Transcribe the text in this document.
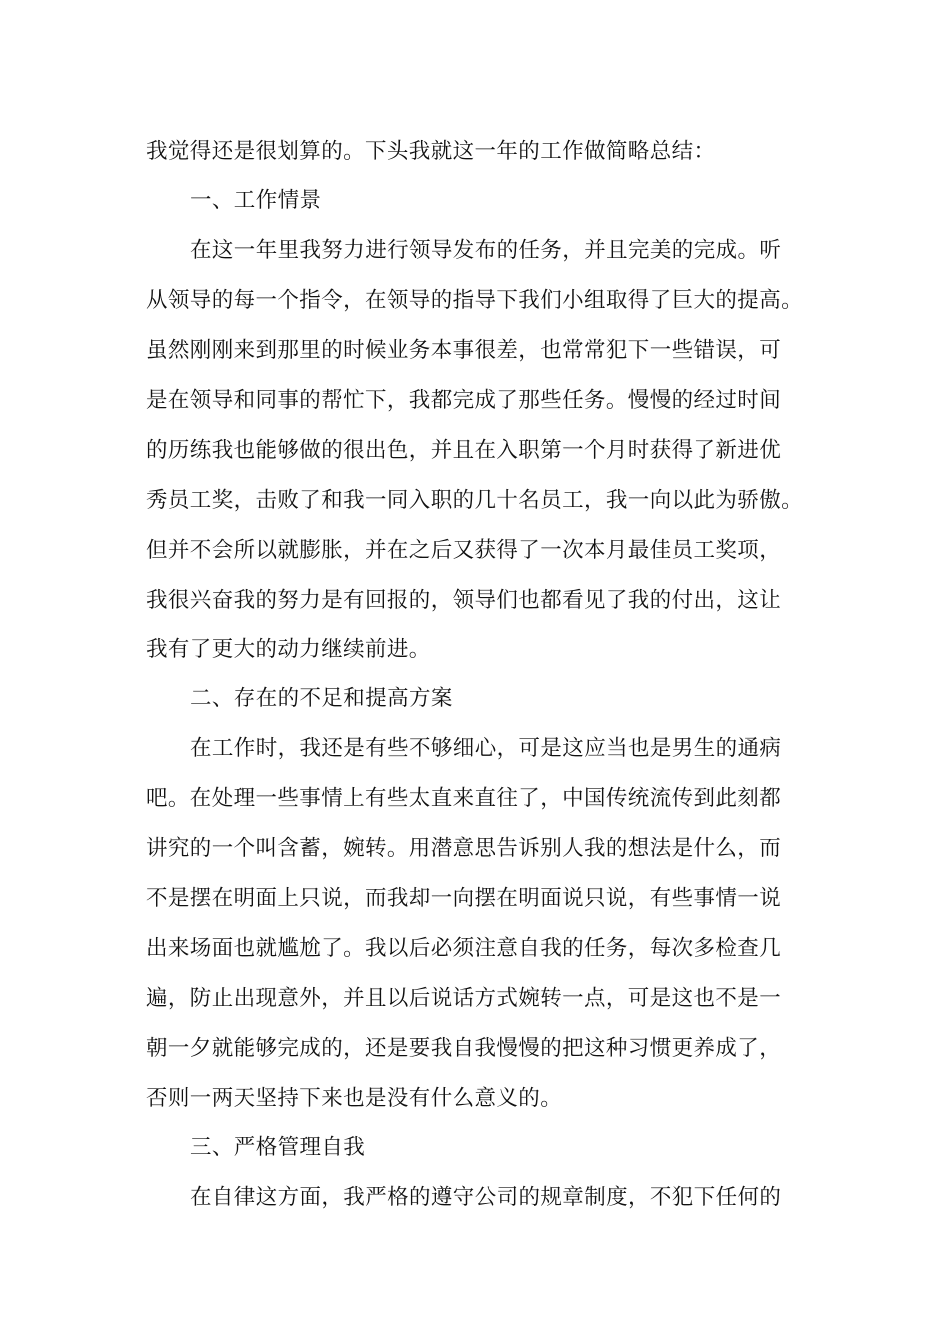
我觉得还是很划算的。下头我就这一年的工作做简略总结：
一、工作情景
在这一年里我努力进行领导发布的任务，并且完美的完成。听
从领导的每一个指令，在领导的指导下我们小组取得了巨大的提高。
虽然刚刚来到那里的时候业务本事很差，也常常犯下一些错误，可
是在领导和同事的帮忙下，我都完成了那些任务。慢慢的经过时间
的历练我也能够做的很出色，并且在入职第一个月时获得了新进优
秀员工奖，击败了和我一同入职的几十名员工，我一向以此为骄傲。
但并不会所以就膨胀，并在之后又获得了一次本月最佳员工奖项，
我很兴奋我的努力是有回报的，领导们也都看见了我的付出，这让
我有了更大的动力继续前进。
二、存在的不足和提高方案
在工作时，我还是有些不够细心，可是这应当也是男生的通病
吧。在处理一些事情上有些太直来直往了，中国传统流传到此刻都
讲究的一个叫含蓄，婉转。用潜意思告诉别人我的想法是什么，而
不是摆在明面上只说，而我却一向摆在明面说只说，有些事情一说
出来场面也就尴尬了。我以后必须注意自我的任务，每次多检查几
遍，防止出现意外，并且以后说话方式婉转一点，可是这也不是一
朝一夕就能够完成的，还是要我自我慢慢的把这种习惯更养成了，
否则一两天坚持下来也是没有什么意义的。
三、严格管理自我
在自律这方面，我严格的遵守公司的规章制度，不犯下任何的
